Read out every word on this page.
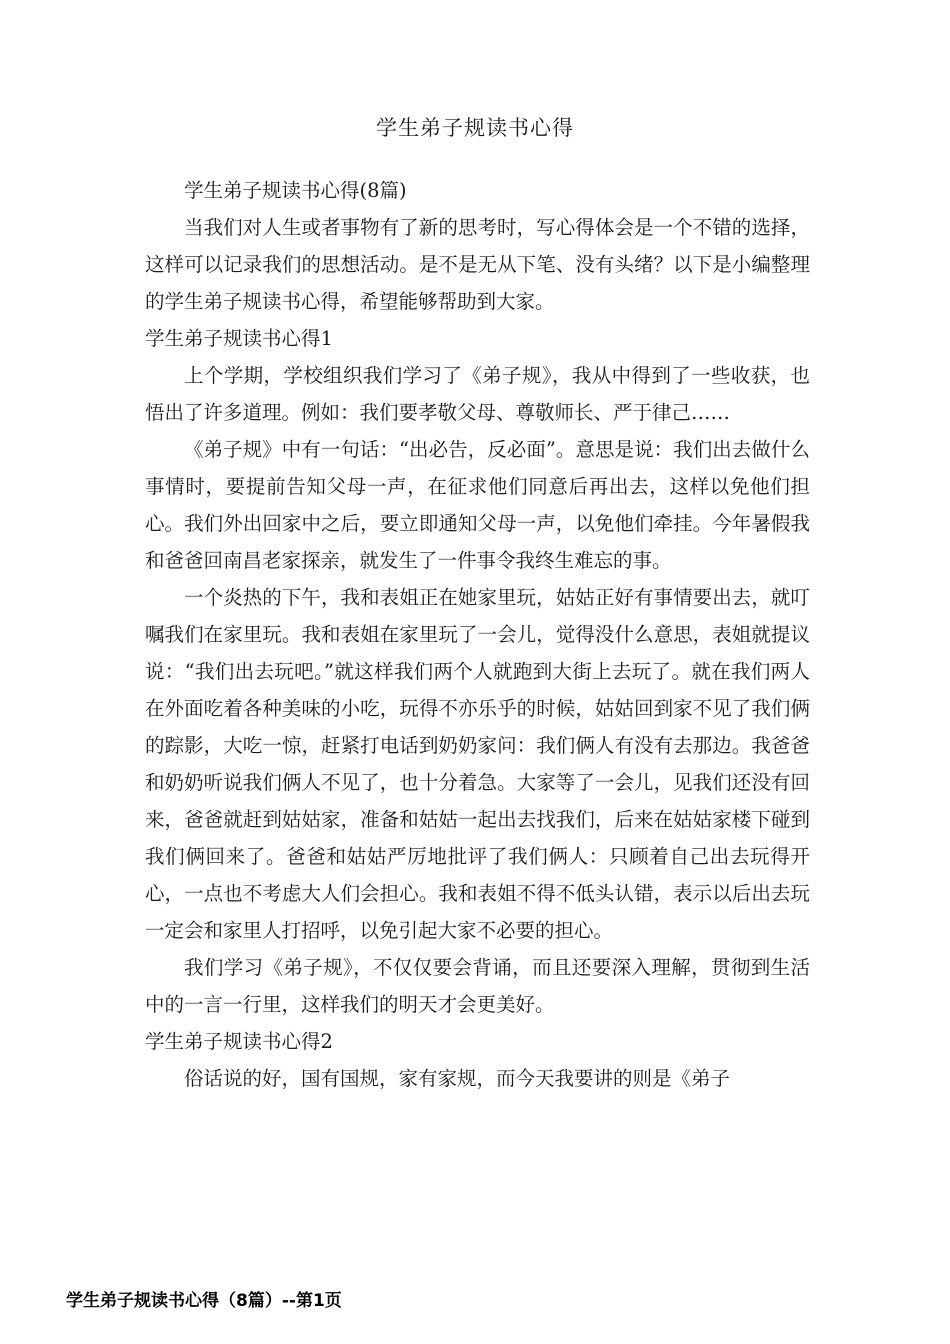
学生弟子规读书心得

学生弟子规读书心得(8篇)

当我们对人生或者事物有了新的思考时，写心得体会是一个不错的选择，这样可以记录我们的思想活动。是不是无从下笔、没有头绪？以下是小编整理的学生弟子规读书心得，希望能够帮助到大家。

学生弟子规读书心得1

上个学期，学校组织我们学习了《弟子规》，我从中得到了一些收获，也悟出了许多道理。例如：我们要孝敬父母、尊敬师长、严于律己……

《弟子规》中有一句话：“出必告，反必面”。意思是说：我们出去做什么事情时，要提前告知父母一声，在征求他们同意后再出去，这样以免他们担心。我们外出回家中之后，要立即通知父母一声，以免他们牵挂。今年暑假我和爸爸回南昌老家探亲，就发生了一件事令我终生难忘的事。

一个炎热的下午，我和表姐正在她家里玩，姑姑正好有事情要出去，就叮嘱我们在家里玩。我和表姐在家里玩了一会儿，觉得没什么意思，表姐就提议说：“我们出去玩吧。”就这样我们两个人就跑到大街上去玩了。就在我们两人在外面吃着各种美味的小吃，玩得不亦乐乎的时候，姑姑回到家不见了我们俩的踪影，大吃一惊，赶紧打电话到奶奶家问：我们俩人有没有去那边。我爸爸和奶奶听说我们俩人不见了，也十分着急。大家等了一会儿，见我们还没有回来，爸爸就赶到姑姑家，准备和姑姑一起出去找我们，后来在姑姑家楼下碰到我们俩回来了。爸爸和姑姑严厉地批评了我们俩人：只顾着自己出去玩得开心，一点也不考虑大人们会担心。我和表姐不得不低头认错，表示以后出去玩一定会和家里人打招呼，以免引起大家不必要的担心。

我们学习《弟子规》，不仅仅要会背诵，而且还要深入理解，贯彻到生活中的一言一行里，这样我们的明天才会更美好。

学生弟子规读书心得2

俗话说的好，国有国规，家有家规，而今天我要讲的则是《弟子

学生弟子规读书心得（8篇）--第1页
